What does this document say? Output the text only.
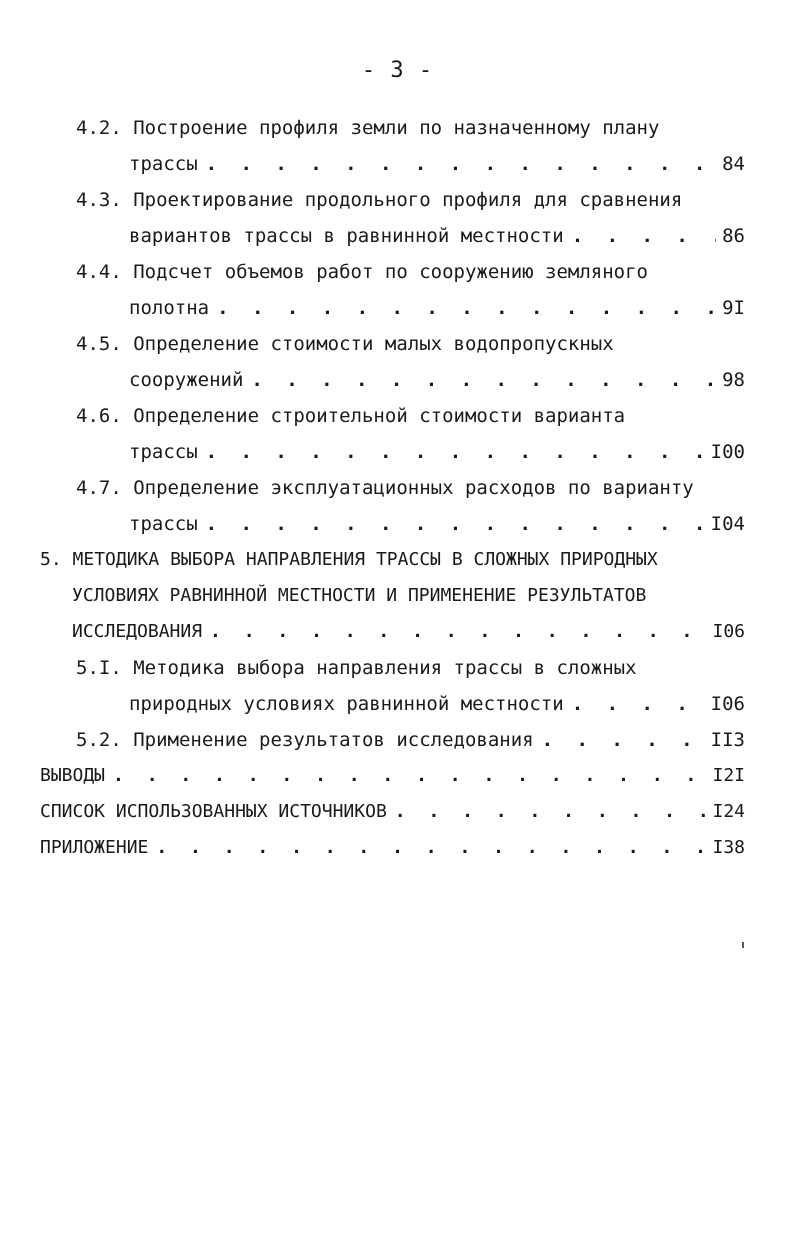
- 3 -
4.2. Построение профиля земли по назначенному плану
трассы . . .	84
4.3. Проектирование продольного профиля для сравнения
вариантов трассы в равнинной местности . . .	86
4.4. Подсчет объемов работ по сооружению земляного
полотна . . .	9I
4.5. Определение стоимости малых водопропускных
сооружений . . .	98
4.6. Определение строительной стоимости варианта
трассы . . .	I00
4.7. Определение эксплуатационных расходов по варианту
трассы . . .	I04
5. МЕТОДИКА ВЫБОРА НАПРАВЛЕНИЯ ТРАССЫ В СЛОЖНЫХ ПРИРОДНЫХ
УСЛОВИЯХ РАВНИННОЙ МЕСТНОСТИ И ПРИМЕНЕНИЕ РЕЗУЛЬТАТОВ
ИССЛЕДОВАНИЯ . . .	I06
5.I. Методика выбора направления трассы в сложных
природных условиях равнинной местности . . .	I06
5.2. Применение результатов исследования . . .	II3
ВЫВОДЫ . . .	I2I
СПИСОК ИСПОЛЬЗОВАННЫХ ИСТОЧНИКОВ . . .	I24
ПРИЛОЖЕНИЕ . . .	I38
